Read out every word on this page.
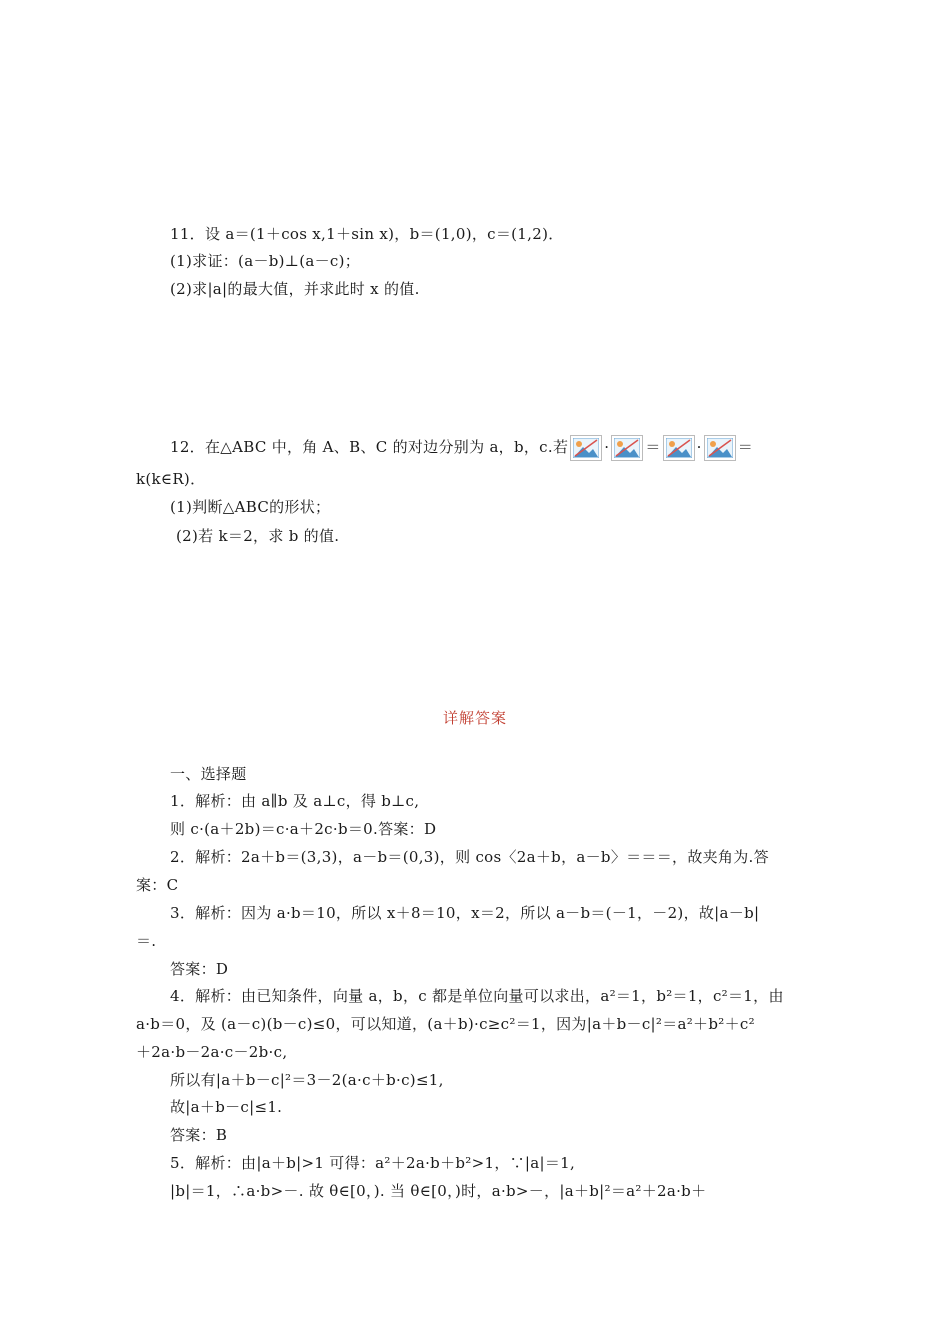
11．设 a＝(1＋cos x,1＋sin x)，b＝(1,0)，c＝(1,2)．
(1)求证：(a－b)⊥(a－c)；
(2)求|a|的最大值，并求此时 x 的值.
12．在△ABC 中，角 A、B、C 的对边分别为 a，b，c.若 · ＝ · ＝
k(k∈R)．
(1)判断△ABC的形状；
(2)若 k＝2，求 b 的值.
详解答案
一、选择题
1．解析：由 a∥b 及 a⊥c，得 b⊥c,
则 c·(a＋2b)＝c·a＋2c·b＝0.答案：D
2．解析：2a＋b＝(3,3)，a－b＝(0,3)，则 cos〈2a＋b，a－b〉＝＝＝，故夹角为.答
案：C
3．解析：因为 a·b＝10，所以 x＋8＝10，x＝2，所以 a－b＝(－1，－2)，故|a－b|
＝.
答案：D
4．解析：由已知条件，向量 a，b，c 都是单位向量可以求出，a²＝1，b²＝1，c²＝1，由
a·b＝0，及 (a－c)(b－c)≤0，可以知道，(a＋b)·c≥c²＝1，因为|a＋b－c|²＝a²＋b²＋c²
＋2a·b－2a·c－2b·c,
所以有|a＋b－c|²＝3－2(a·c＋b·c)≤1,
故|a＋b－c|≤1.
答案：B
5．解析：由|a＋b|>1 可得：a²＋2a·b＋b²>1，∵|a|＝1,
|b|＝1，∴a·b>－. 故 θ∈[0，). 当 θ∈[0，)时，a·b>－，|a＋b|²＝a²＋2a·b＋
